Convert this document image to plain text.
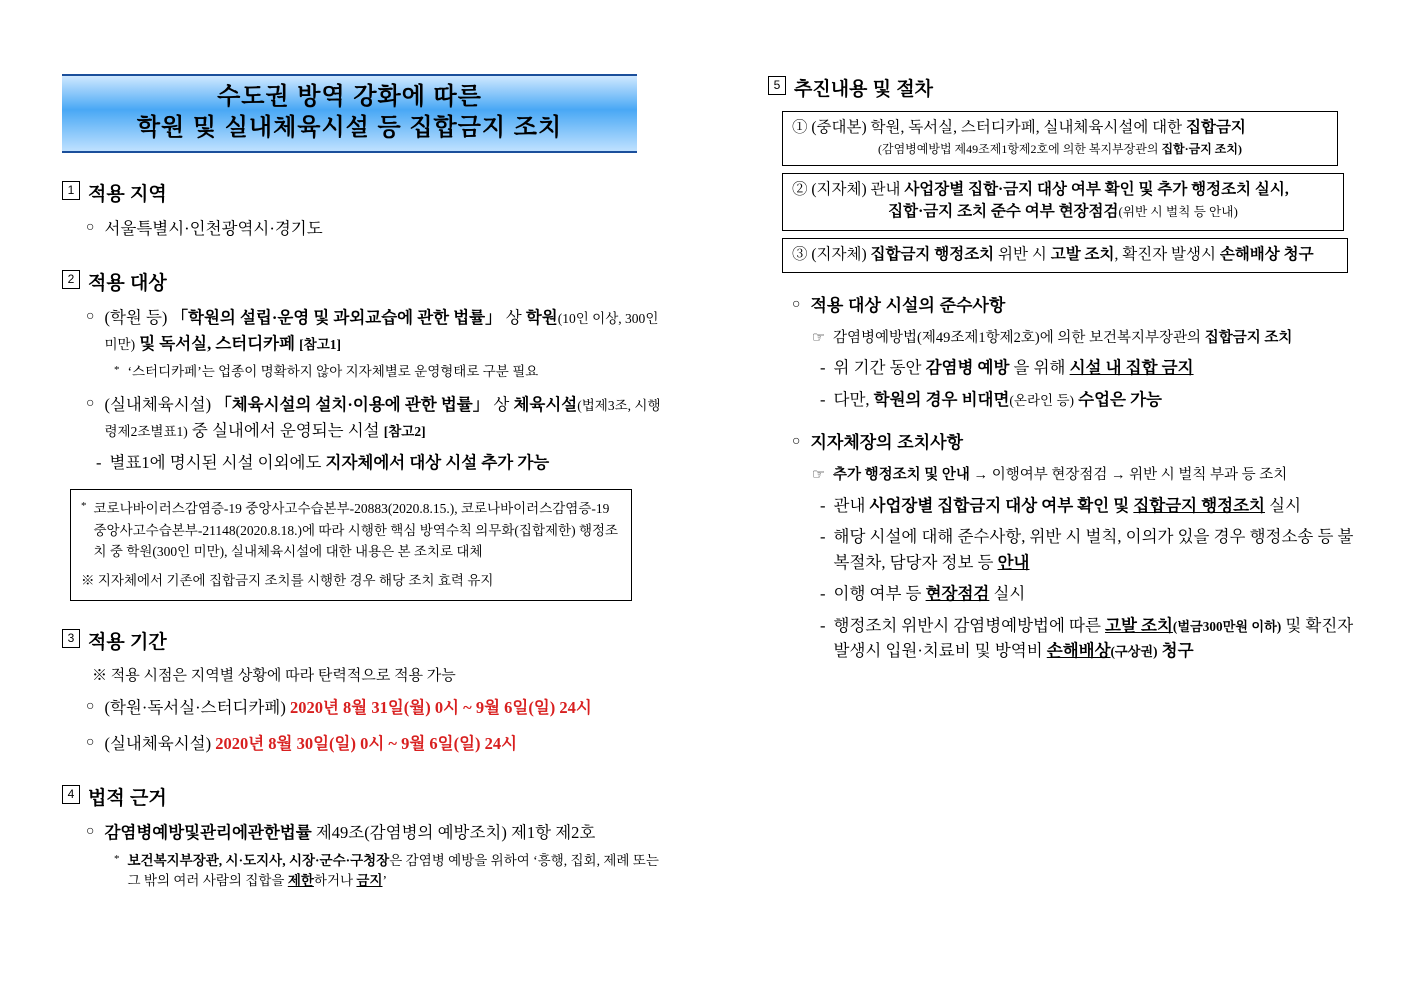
수도권 방역 강화에 따른
학원 및 실내체육시설 등 집합금지 조치
1 적용 지역
○ 서울특별시·인천광역시·경기도
2 적용 대상
○ (학원 등) 「학원의 설립·운영 및 과외교습에 관한 법률」 상 학원(10인 이상, 300인 미만) 및 독서실, 스터디카페 [참고1]
* ‘스터디카페’는 업종이 명확하지 않아 지자체별로 운영형태로 구분 필요
○ (실내체육시설) 「체육시설의 설치·이용에 관한 법률」 상 체육시설(법제3조, 시행령제2조별표1) 중 실내에서 운영되는 시설 [참고2]
- 별표1에 명시된 시설 이외에도 지자체에서 대상 시설 추가 가능
* 코로나바이러스감염증-19 중앙사고수습본부-20883(2020.8.15.), 코로나바이러스감염증-19 중앙사고수습본부-21148(2020.8.18.)에 따라 시행한 핵심 방역수칙 의무화(집합제한) 행정조치 중 학원(300인 미만), 실내체육시설에 대한 내용은 본 조치로 대체
※ 지자체에서 기존에 집합금지 조치를 시행한 경우 해당 조치 효력 유지
3 적용 기간
※ 적용 시점은 지역별 상황에 따라 탄력적으로 적용 가능
○ (학원·독서실·스터디카페) 2020년 8월 31일(월) 0시 ~ 9월 6일(일) 24시
○ (실내체육시설) 2020년 8월 30일(일) 0시 ~ 9월 6일(일) 24시
4 법적 근거
○ 감염병예방및관리에관한법률 제49조(감염병의 예방조치) 제1항 제2호
* 보건복지부장관, 시·도지사, 시장·군수·구청장은 감염병 예방을 위하여 ‘흥행, 집회, 제례 또는 그 밖의 여러 사람의 집합을 제한하거나 금지’
5 추진내용 및 절차
① (중대본) 학원, 독서실, 스터디카페, 실내체육시설에 대한 집합금지
(감염병예방법 제49조제1항제2호에 의한 복지부장관의 집합·금지 조치)
② (지자체) 관내 사업장별 집합·금지 대상 여부 확인 및 추가 행정조치 실시,
집합·금지 조치 준수 여부 현장점검(위반 시 벌칙 등 안내)
③ (지자체) 집합금지 행정조치 위반 시 고발 조치, 확진자 발생시 손해배상 청구
○ 적용 대상 시설의 준수사항
☞ 감염병예방법(제49조제1항제2호)에 의한 보건복지부장관의 집합금지 조치
- 위 기간 동안 감염병 예방 을 위해 시설 내 집합 금지
- 다만, 학원의 경우 비대면(온라인 등) 수업은 가능
○ 지자체장의 조치사항
☞ 추가 행정조치 및 안내 → 이행여부 현장점검 → 위반 시 벌칙 부과 등 조치
- 관내 사업장별 집합금지 대상 여부 확인 및 집합금지 행정조치 실시
- 해당 시설에 대해 준수사항, 위반 시 벌칙, 이의가 있을 경우 행정소송 등 불복절차, 담당자 정보 등 안내
- 이행 여부 등 현장점검 실시
- 행정조치 위반시 감염병예방법에 따른 고발 조치(벌금300만원 이하) 및 확진자 발생시 입원·치료비 및 방역비 손해배상(구상권) 청구
